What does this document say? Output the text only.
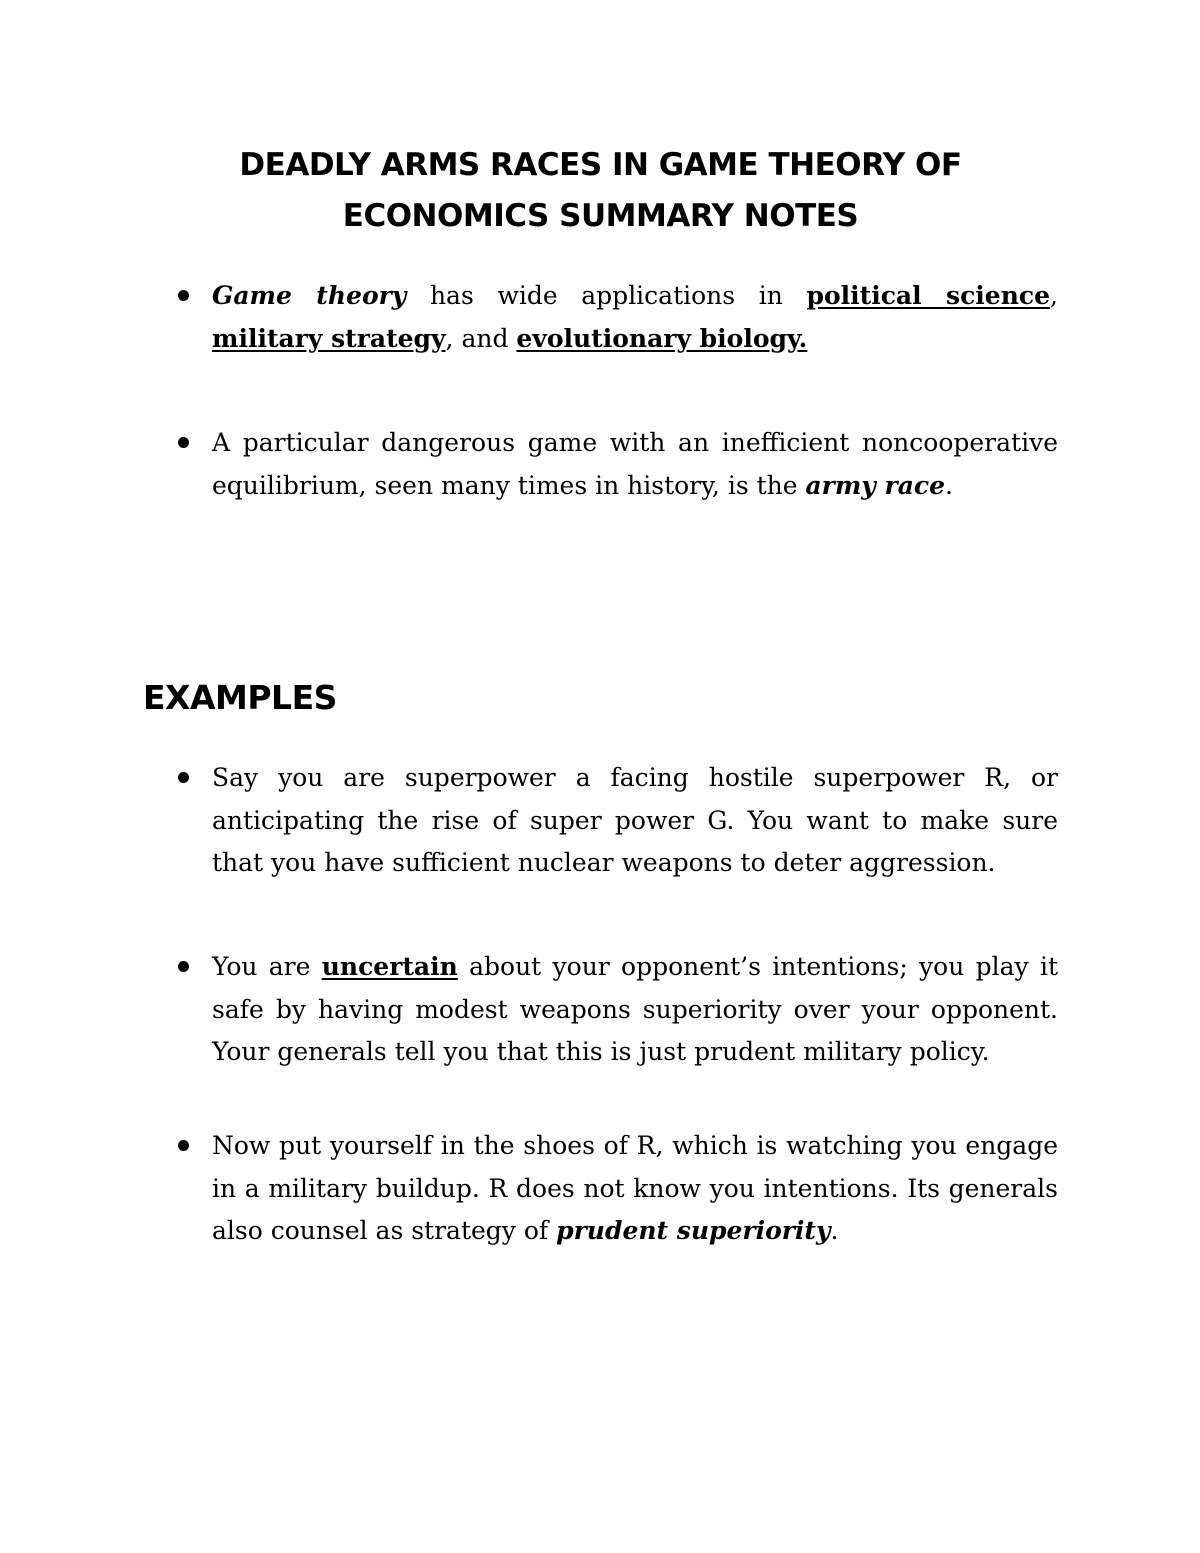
DEADLY ARMS RACES IN GAME THEORY OF
ECONOMICS SUMMARY NOTES

Game theory has wide applications in political science, military strategy, and evolutionary biology.

A particular dangerous game with an inefficient noncooperative equilibrium, seen many times in history, is the army race.

EXAMPLES

Say you are superpower a facing hostile superpower R, or anticipating the rise of super power G. You want to make sure that you have sufficient nuclear weapons to deter aggression.

You are uncertain about your opponent’s intentions; you play it safe by having modest weapons superiority over your opponent. Your generals tell you that this is just prudent military policy.

Now put yourself in the shoes of R, which is watching you engage in a military buildup. R does not know you intentions. Its generals also counsel as strategy of prudent superiority.
